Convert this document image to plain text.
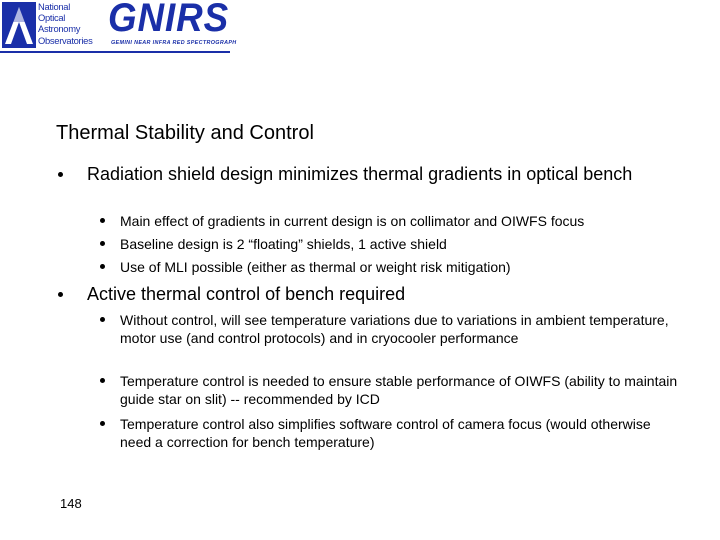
National
Optical
Astronomy
Observatories
GNIRS
GEMINI NEAR INFRA RED SPECTROGRAPH
Thermal Stability and Control
Radiation shield design minimizes thermal gradients in optical bench
Main effect of gradients in current design is on collimator and OIWFS focus
Baseline design is 2 “floating” shields, 1 active shield
Use of MLI possible (either as thermal or weight risk mitigation)
Active thermal control of bench required
Without control, will see temperature variations due to variations in ambient temperature, motor use (and control protocols) and in cryocooler performance
Temperature control is needed to ensure stable performance of OIWFS (ability to maintain guide star on slit) -- recommended by ICD
Temperature control also simplifies software control of camera focus (would otherwise need a correction for bench temperature)
148
